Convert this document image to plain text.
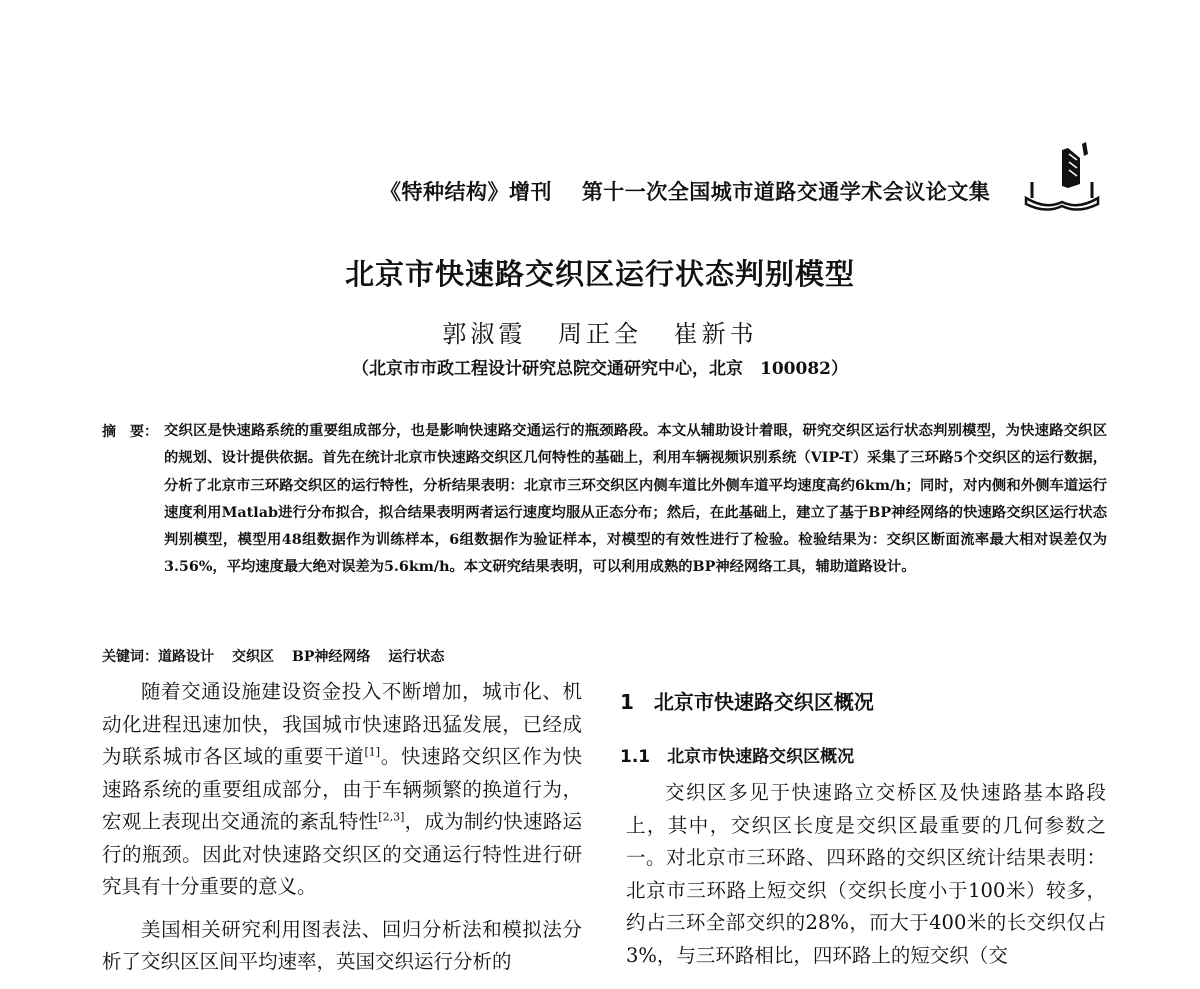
《特种结构》增刊 第十一次全国城市道路交通学术会议论文集
北京市快速路交织区运行状态判别模型
郭淑霞 周正全 崔新书
（北京市市政工程设计研究总院交通研究中心，北京　100082）
摘　要： 交织区是快速路系统的重要组成部分，也是影响快速路交通运行的瓶颈路段。本文从辅助设计着眼，研究交织区运行状态判别模型，为快速路交织区的规划、设计提供依据。首先在统计北京市快速路交织区几何特性的基础上，利用车辆视频识别系统（VIP-T）采集了三环路5个交织区的运行数据，分析了北京市三环路交织区的运行特性，分析结果表明：北京市三环交织区内侧车道比外侧车道平均速度高约6km/h；同时，对内侧和外侧车道运行速度利用Matlab进行分布拟合，拟合结果表明两者运行速度均服从正态分布；然后，在此基础上，建立了基于BP神经网络的快速路交织区运行状态判别模型，模型用48组数据作为训练样本，6组数据作为验证样本，对模型的有效性进行了检验。检验结果为：交织区断面流率最大相对误差仅为3.56%，平均速度最大绝对误差为5.6km/h。本文研究结果表明，可以利用成熟的BP神经网络工具，辅助道路设计。
关键词：道路设计 交织区 BP神经网络 运行状态

随着交通设施建设资金投入不断增加，城市化、机动化进程迅速加快，我国城市快速路迅猛发展，已经成为联系城市各区域的重要干道[1]。快速路交织区作为快速路系统的重要组成部分，由于车辆频繁的换道行为，宏观上表现出交通流的紊乱特性[2,3]，成为制约快速路运行的瓶颈。因此对快速路交织区的交通运行特性进行研究具有十分重要的意义。

美国相关研究利用图表法、回归分析法和模拟法分析了交织区区间平均速率，英国交织运行分析的

1　北京市快速路交织区概况
1.1　北京市快速路交织区概况

交织区多见于快速路立交桥区及快速路基本路段上，其中，交织区长度是交织区最重要的几何参数之一。对北京市三环路、四环路的交织区统计结果表明：北京市三环路上短交织（交织长度小于100米）较多，约占三环全部交织的28%，而大于400米的长交织仅占3%，与三环路相比，四环路上的短交织（交
